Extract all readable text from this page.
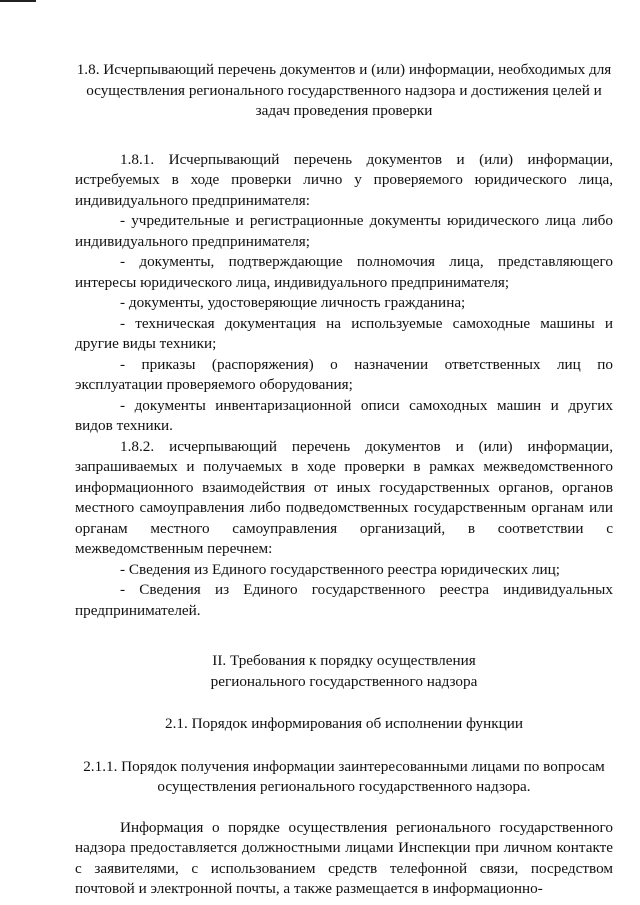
1.8. Исчерпывающий перечень документов и (или) информации, необходимых для осуществления регионального государственного надзора и достижения целей и задач проведения проверки

1.8.1. Исчерпывающий перечень документов и (или) информации, истребуемых в ходе проверки лично у проверяемого юридического лица, индивидуального предпринимателя:

- учредительные и регистрационные документы юридического лица либо индивидуального предпринимателя;

- документы, подтверждающие полномочия лица, представляющего интересы юридического лица, индивидуального предпринимателя;

- документы, удостоверяющие личность гражданина;

- техническая документация на используемые самоходные машины и другие виды техники;

- приказы (распоряжения) о назначении ответственных лиц по эксплуатации проверяемого оборудования;

- документы инвентаризационной описи самоходных машин и других видов техники.

1.8.2. исчерпывающий перечень документов и (или) информации, запрашиваемых и получаемых в ходе проверки в рамках межведомственного информационного взаимодействия от иных государственных органов, органов местного самоуправления либо подведомственных государственным органам или органам местного самоуправления организаций, в соответствии с межведомственным перечнем:

- Сведения из Единого государственного реестра юридических лиц;

- Сведения из Единого государственного реестра индивидуальных предпринимателей.

II. Требования к порядку осуществления
регионального государственного надзора

2.1. Порядок информирования об исполнении функции

2.1.1. Порядок получения информации заинтересованными лицами по вопросам
осуществления регионального государственного надзора.

Информация о порядке осуществления регионального государственного надзора предоставляется должностными лицами Инспекции при личном контакте с заявителями, с использованием средств телефонной связи, посредством почтовой и электронной почты, а также размещается в информационно-
